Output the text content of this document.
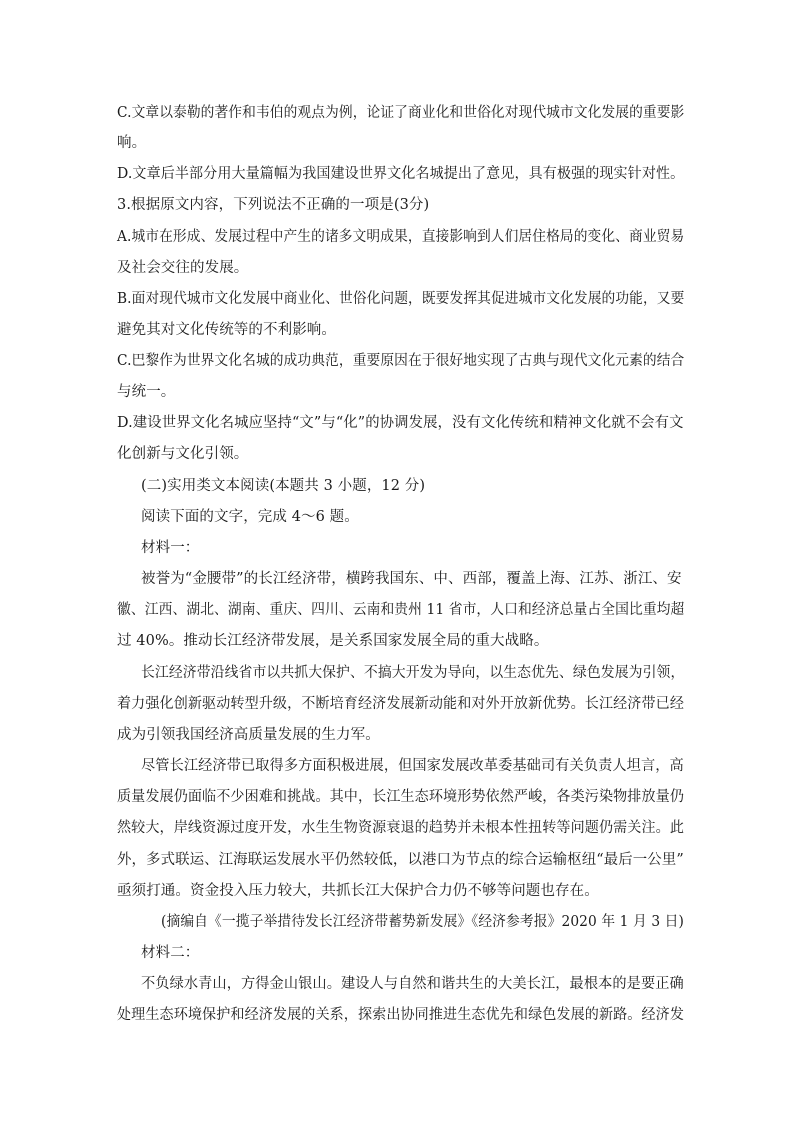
C.文章以泰勒的著作和韦伯的观点为例，论证了商业化和世俗化对现代城市文化发展的重要影
响。
D.文章后半部分用大量篇幅为我国建设世界文化名城提出了意见，具有极强的现实针对性。
3.根据原文内容，下列说法不正确的一项是(3分)
A.城市在形成、发展过程中产生的诸多文明成果，直接影响到人们居住格局的变化、商业贸易
及社会交往的发展。
B.面对现代城市文化发展中商业化、世俗化问题，既要发挥其促进城市文化发展的功能，又要
避免其对文化传统等的不利影响。
C.巴黎作为世界文化名城的成功典范，重要原因在于很好地实现了古典与现代文化元素的结合
与统一。
D.建设世界文化名城应坚持“文”与“化”的协调发展，没有文化传统和精神文化就不会有文
化创新与文化引领。
(二)实用类文本阅读(本题共 3 小题，12 分)
阅读下面的文字，完成 4～6 题。
材料一：
被誉为“金腰带”的长江经济带，横跨我国东、中、西部，覆盖上海、江苏、浙江、安
徽、江西、湖北、湖南、重庆、四川、云南和贵州 11 省市，人口和经济总量占全国比重均超
过 40%。推动长江经济带发展，是关系国家发展全局的重大战略。
长江经济带沿线省市以共抓大保护、不搞大开发为导向，以生态优先、绿色发展为引领，
着力强化创新驱动转型升级，不断培育经济发展新动能和对外开放新优势。长江经济带已经
成为引领我国经济高质量发展的生力军。
尽管长江经济带已取得多方面积极进展，但国家发展改革委基础司有关负责人坦言，高
质量发展仍面临不少困难和挑战。其中，长江生态环境形势依然严峻，各类污染物排放量仍
然较大，岸线资源过度开发，水生生物资源衰退的趋势并未根本性扭转等问题仍需关注。此
外，多式联运、江海联运发展水平仍然较低，以港口为节点的综合运输枢纽“最后一公里”
亟须打通。资金投入压力较大，共抓长江大保护合力仍不够等问题也存在。
(摘编自《一揽子举措待发长江经济带蓄势新发展》《经济参考报》2020 年 1 月 3 日)
材料二：
不负绿水青山，方得金山银山。建设人与自然和谐共生的大美长江，最根本的是要正确
处理生态环境保护和经济发展的关系，探索出协同推进生态优先和绿色发展的新路。经济发
